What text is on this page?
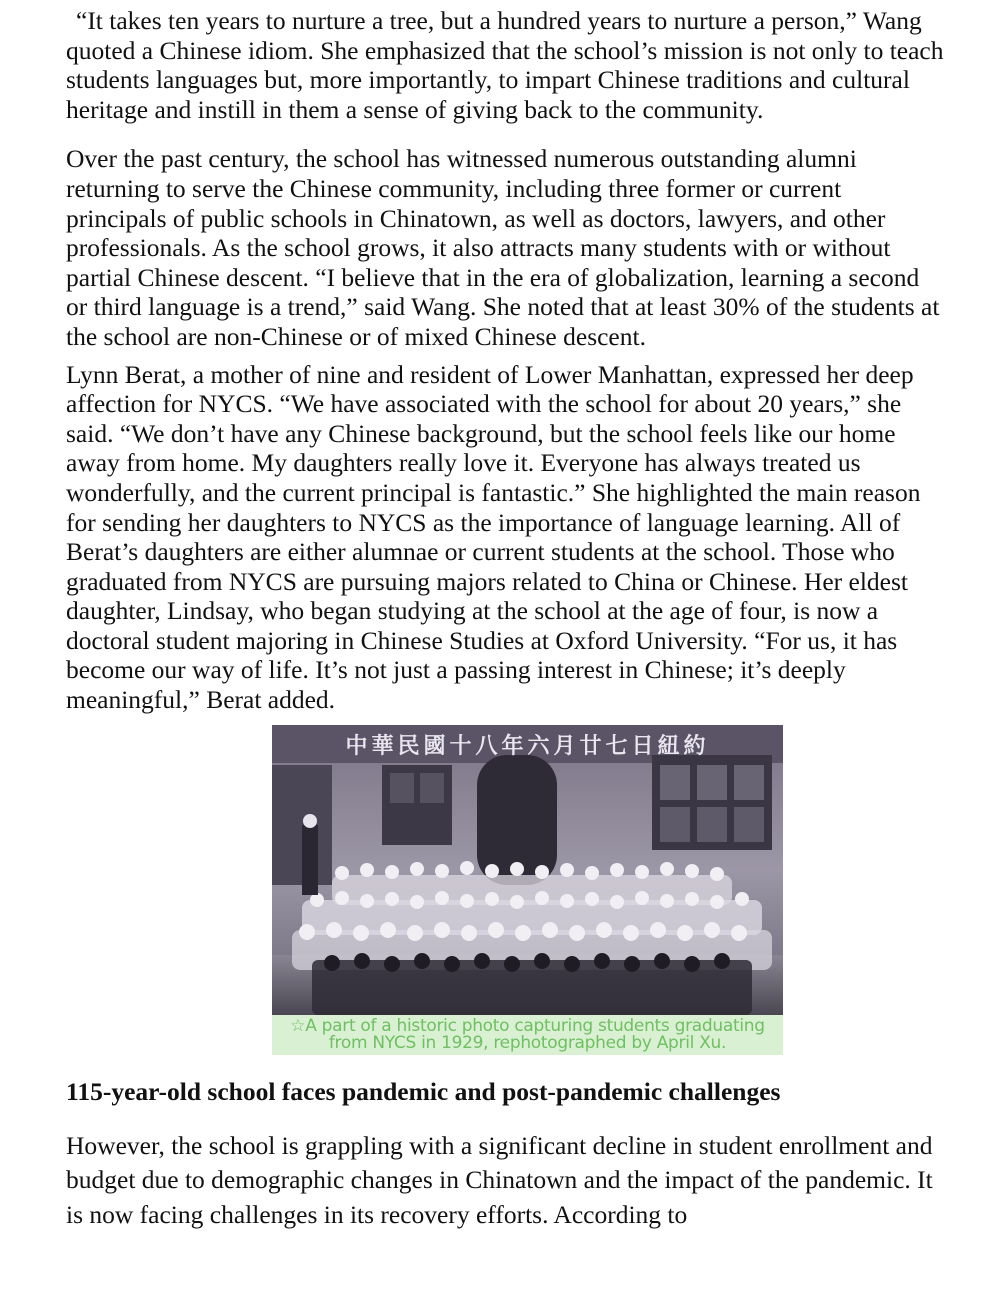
“It takes ten years to nurture a tree, but a hundred years to nurture a person,” Wang quoted a Chinese idiom. She emphasized that the school’s mission is not only to teach students languages but, more importantly, to impart Chinese traditions and cultural heritage and instill in them a sense of giving back to the community.

Over the past century, the school has witnessed numerous outstanding alumni returning to serve the Chinese community, including three former or current principals of public schools in Chinatown, as well as doctors, lawyers, and other professionals. As the school grows, it also attracts many students with or without partial Chinese descent. “I believe that in the era of globalization, learning a second or third language is a trend,” said Wang. She noted that at least 30% of the students at the school are non-Chinese or of mixed Chinese descent.

Lynn Berat, a mother of nine and resident of Lower Manhattan, expressed her deep affection for NYCS. “We have associated with the school for about 20 years,” she said. “We don’t have any Chinese background, but the school feels like our home away from home. My daughters really love it. Everyone has always treated us wonderfully, and the current principal is fantastic.” She highlighted the main reason for sending her daughters to NYCS as the importance of language learning. All of Berat’s daughters are either alumnae or current students at the school. Those who graduated from NYCS are pursuing majors related to China or Chinese. Her eldest daughter, Lindsay, who began studying at the school at the age of four, is now a doctoral student majoring in Chinese Studies at Oxford University. “For us, it has become our way of life. It’s not just a passing interest in Chinese; it’s deeply meaningful,” Berat added.

中華民國十八年六月廿七日紐約
☆A part of a historic photo capturing students graduating
from NYCS in 1929, rephotographed by April Xu.
115-year-old school faces pandemic and post-pandemic challenges

However, the school is grappling with a significant decline in student enrollment and budget due to demographic changes in Chinatown and the impact of the pandemic. It is now facing challenges in its recovery efforts. According to
